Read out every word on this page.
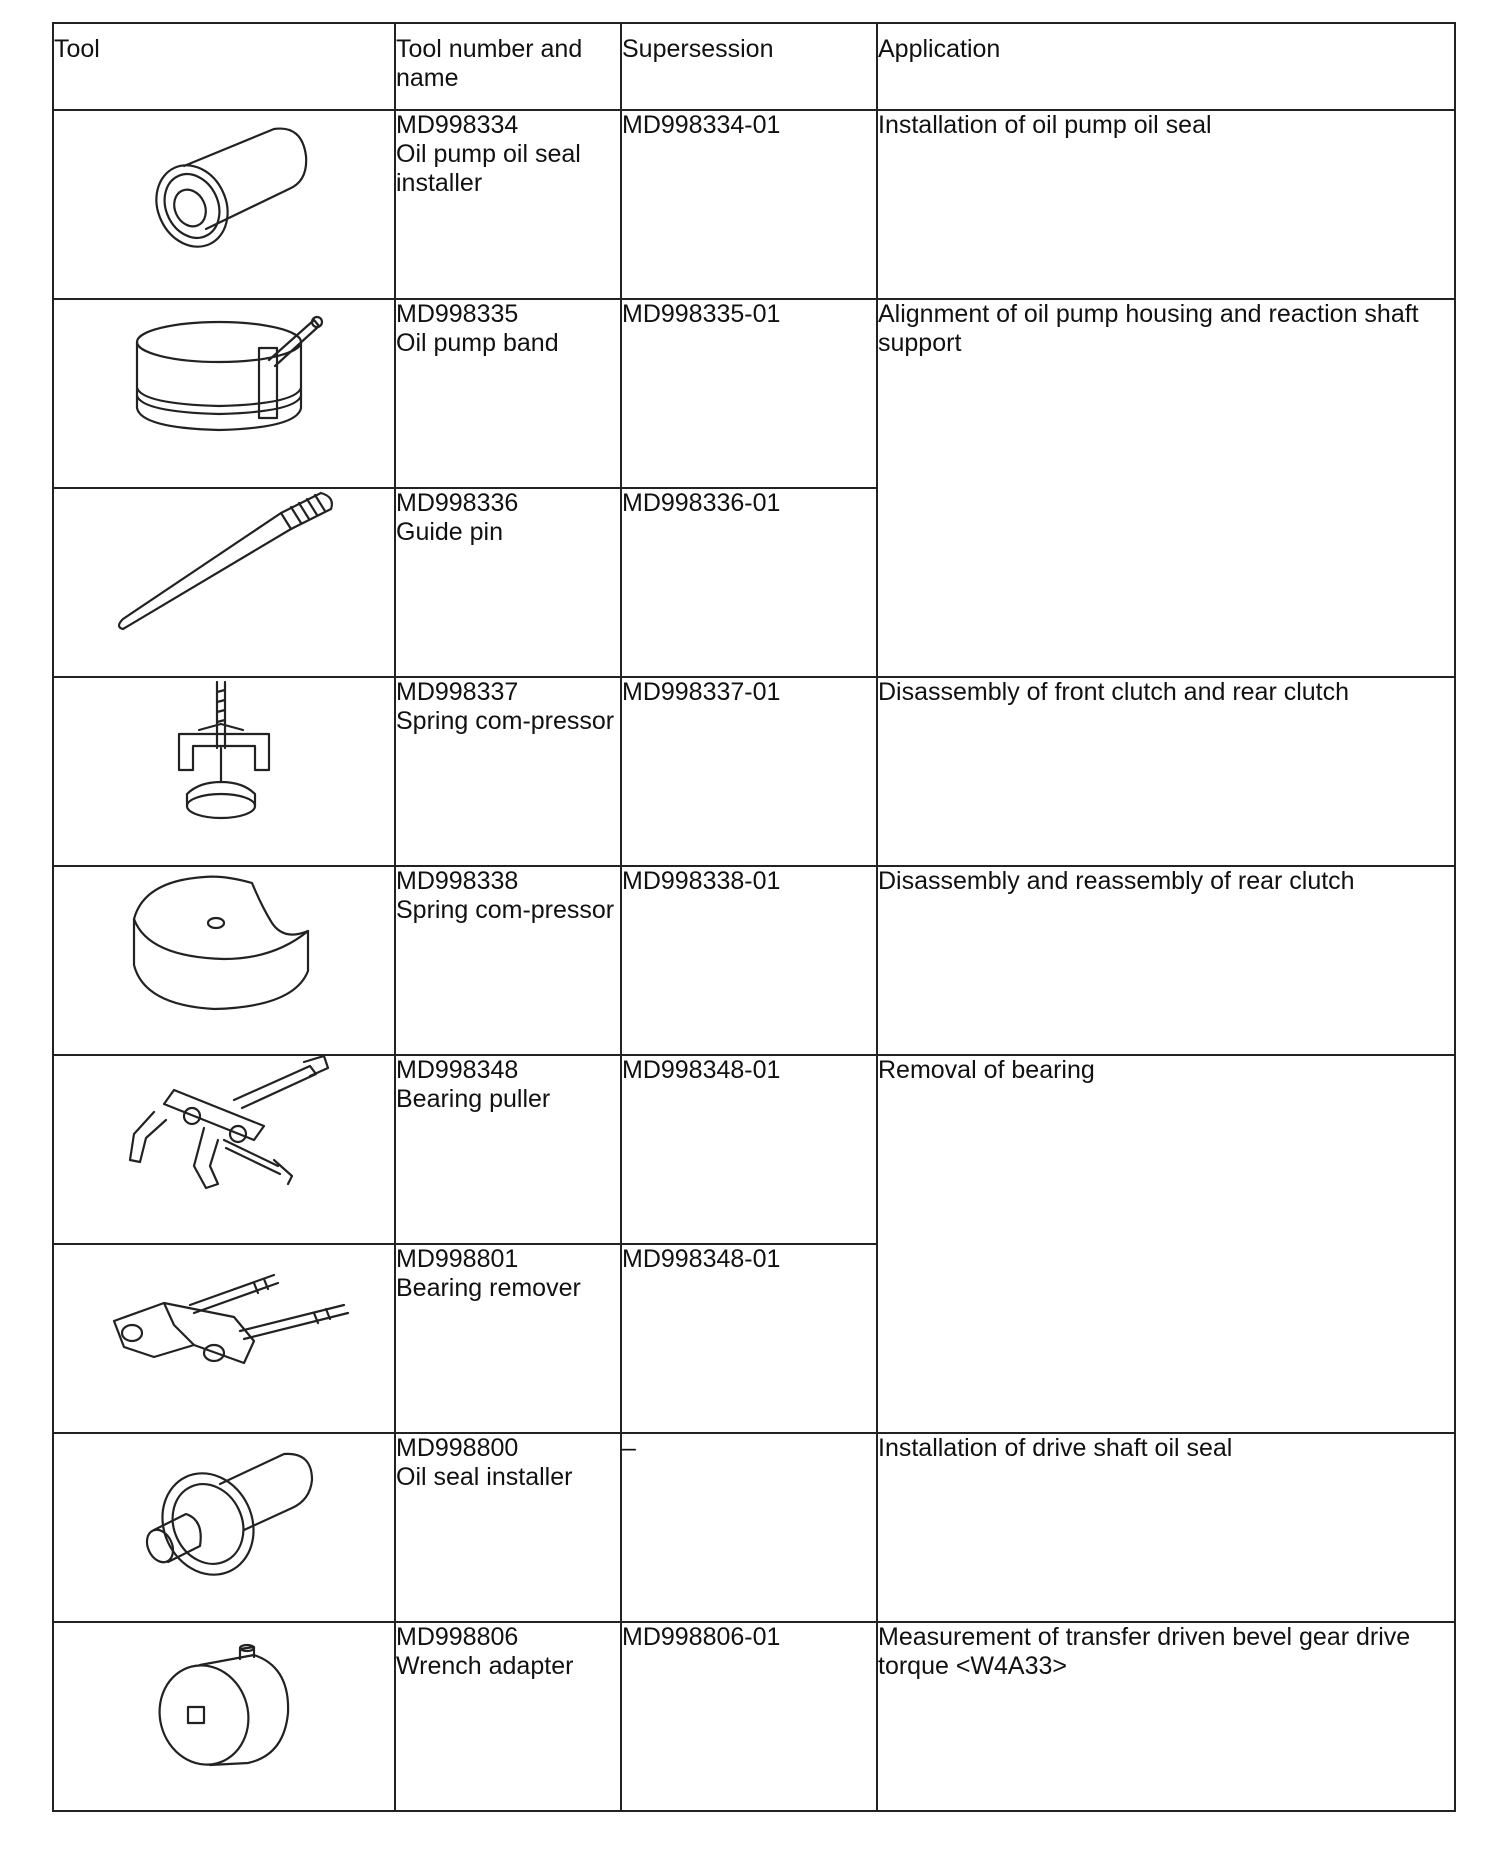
Tool	Tool number and name	Supersession	Application

MD998334
Oil pump oil seal installer	MD998334-01	Installation of oil pump oil seal

MD998335
Oil pump band	MD998335-01	Alignment of oil pump housing and reaction shaft support

MD998336
Guide pin	MD998336-01	

MD998337
Spring com-pressor	MD998337-01	Disassembly of front clutch and rear clutch

MD998338
Spring com-pressor	MD998338-01	Disassembly and reassembly of rear clutch

MD998348
Bearing puller	MD998348-01	Removal of bearing

MD998801
Bearing remover	MD998348-01	

MD998800
Oil seal installer	–	Installation of drive shaft oil seal

MD998806
Wrench adapter	MD998806-01	Measurement of transfer driven bevel gear drive torque <W4A33>
